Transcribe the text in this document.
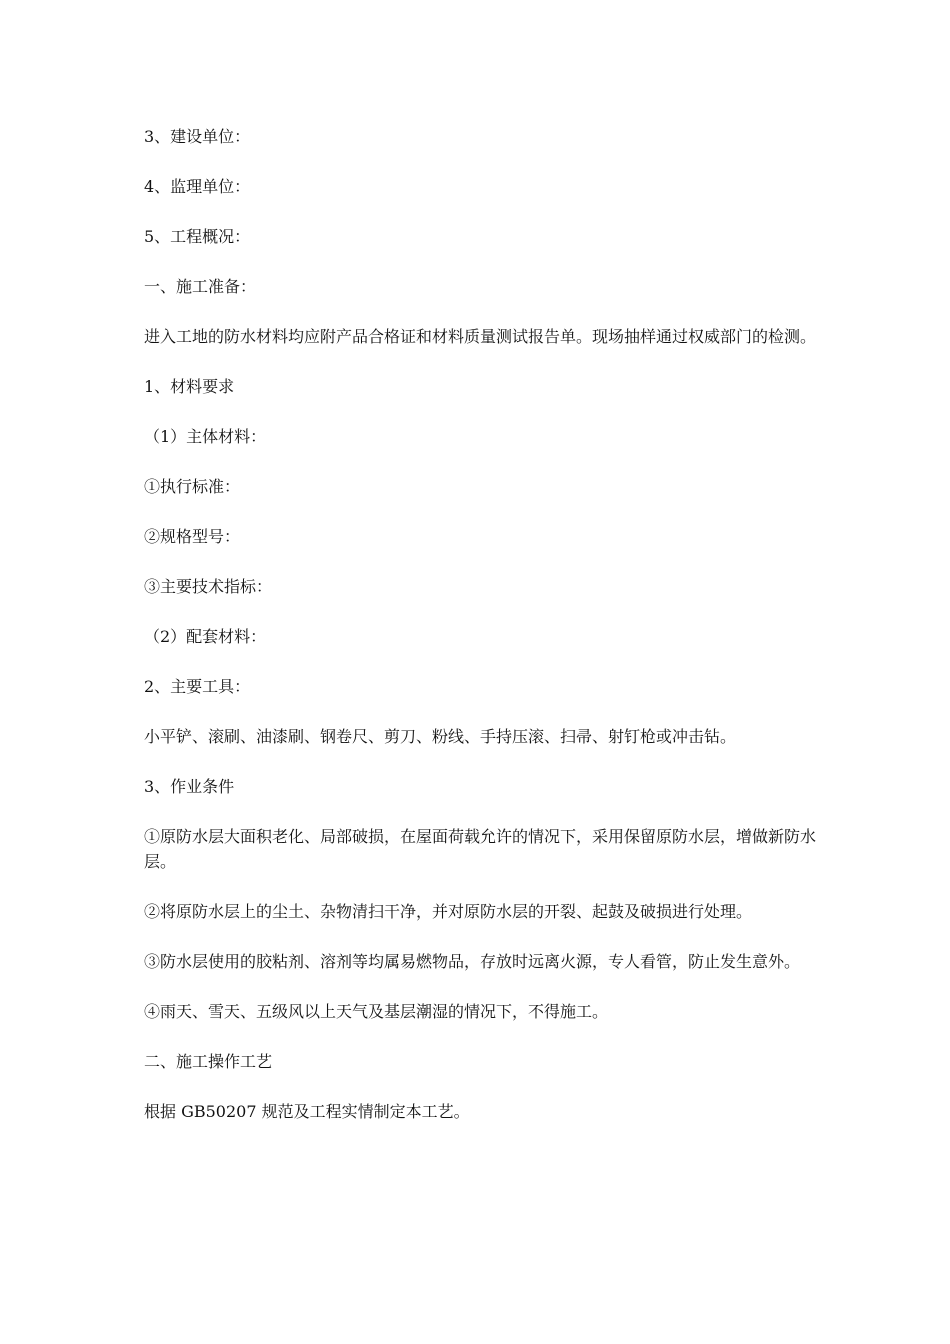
3、建设单位：

4、监理单位：

5、工程概况：

一、施工准备：

进入工地的防水材料均应附产品合格证和材料质量测试报告单。现场抽样通过权威部门的检测。

1、材料要求

（1）主体材料：

①执行标准：

②规格型号：

③主要技术指标：

（2）配套材料：

2、主要工具：

小平铲、滚刷、油漆刷、钢卷尺、剪刀、粉线、手持压滚、扫帚、射钉枪或冲击钻。

3、作业条件

①原防水层大面积老化、局部破损，在屋面荷载允许的情况下，采用保留原防水层，增做新防水层。

②将原防水层上的尘土、杂物清扫干净，并对原防水层的开裂、起鼓及破损进行处理。

③防水层使用的胶粘剂、溶剂等均属易燃物品，存放时远离火源，专人看管，防止发生意外。

④雨天、雪天、五级风以上天气及基层潮湿的情况下，不得施工。

二、施工操作工艺

根据 GB50207 规范及工程实情制定本工艺。
